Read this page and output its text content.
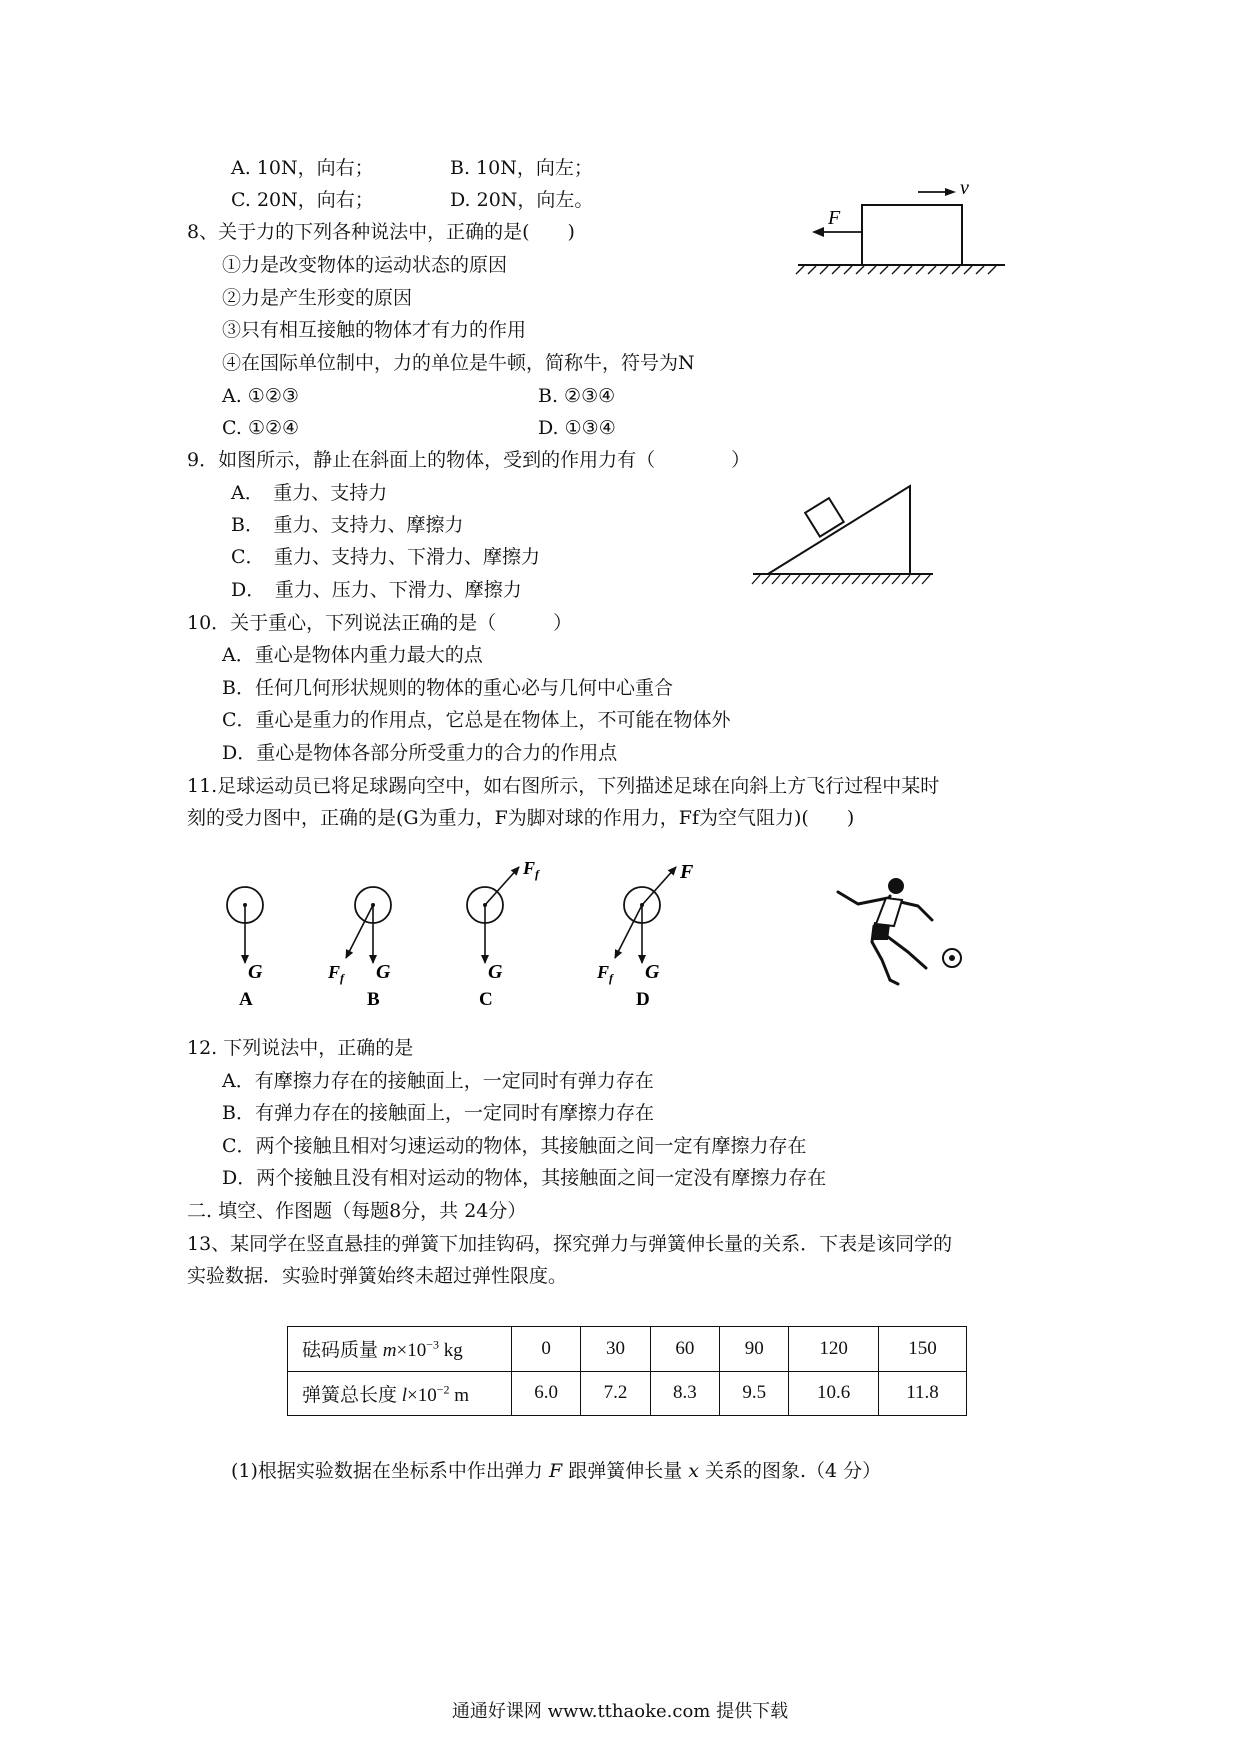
A. 10N，向右；	B. 10N，向左；
C. 20N，向右；	D. 20N，向左。
F
v
8、关于力的下列各种说法中，正确的是(　　)
①力是改变物体的运动状态的原因
②力是产生形变的原因
③只有相互接触的物体才有力的作用
④在国际单位制中，力的单位是牛顿，简称牛，符号为N
A. ①②③	B. ②③④
C. ①②④	D. ①③④
9．如图所示，静止在斜面上的物体，受到的作用力有（　　　　）
A．　重力、支持力
B．　重力、支持力、摩擦力
C．　重力、支持力、下滑力、摩擦力
D．　重力、压力、下滑力、摩擦力
10．关于重心，下列说法正确的是（　　　）
A．重心是物体内重力最大的点
B．任何几何形状规则的物体的重心必与几何中心重合
C．重心是重力的作用点，它总是在物体上，不可能在物体外
D．重心是物体各部分所受重力的合力的作用点
11.足球运动员已将足球踢向空中，如右图所示，下列描述足球在向斜上方飞行过程中某时
刻的受力图中，正确的是(G为重力，F为脚对球的作用力，Ff为空气阻力)(　　)
G
A
$F_f$ G
B
$F_f$
G
C
F
$F_f$ G
D
12. 下列说法中，正确的是
A．有摩擦力存在的接触面上，一定同时有弹力存在
B．有弹力存在的接触面上，一定同时有摩擦力存在
C．两个接触且相对匀速运动的物体，其接触面之间一定有摩擦力存在
D．两个接触且没有相对运动的物体，其接触面之间一定没有摩擦力存在
二. 填空、作图题（每题8分，共 24分）
13、某同学在竖直悬挂的弹簧下加挂钩码，探究弹力与弹簧伸长量的关系．下表是该同学的
实验数据．实验时弹簧始终未超过弹性限度。
砝码质量 $m\times 10^{-3}$ kg	0	30	60	90	120	150
弹簧总长度 $l\times 10^{-2}$ m	6.0	7.2	8.3	9.5	10.6	11.8
(1)根据实验数据在坐标系中作出弹力 F 跟弹簧伸长量 x 关系的图象.（4 分）
通通好课网 www.tthaoke.com 提供下载
